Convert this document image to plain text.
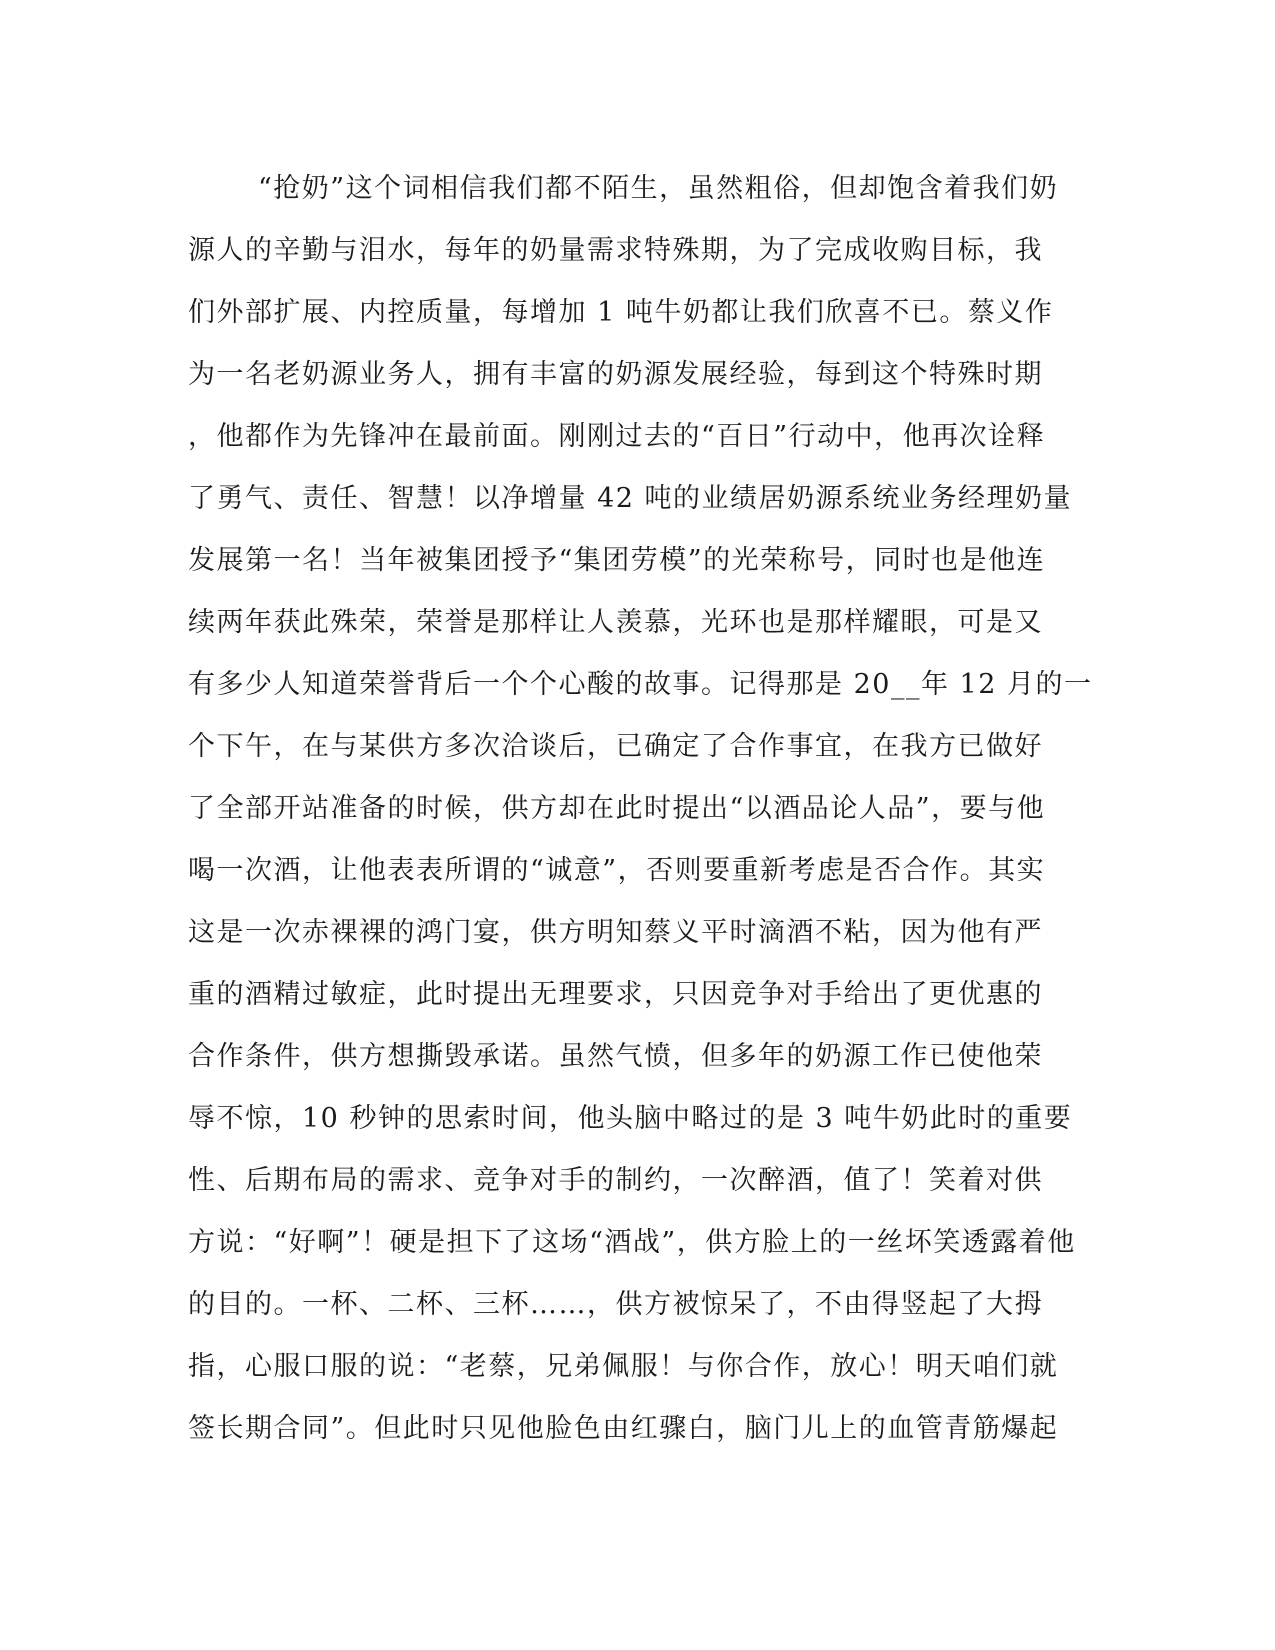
“抢奶”这个词相信我们都不陌生，虽然粗俗，但却饱含着我们奶
源人的辛勤与泪水，每年的奶量需求特殊期，为了完成收购目标，我
们外部扩展、内控质量，每增加 1 吨牛奶都让我们欣喜不已。蔡义作
为一名老奶源业务人，拥有丰富的奶源发展经验，每到这个特殊时期
，他都作为先锋冲在最前面。刚刚过去的“百日”行动中，他再次诠释
了勇气、责任、智慧！以净增量 42 吨的业绩居奶源系统业务经理奶量
发展第一名！当年被集团授予“集团劳模”的光荣称号，同时也是他连
续两年获此殊荣，荣誉是那样让人羡慕，光环也是那样耀眼，可是又
有多少人知道荣誉背后一个个心酸的故事。记得那是 20__年 12 月的一
个下午，在与某供方多次洽谈后，已确定了合作事宜，在我方已做好
了全部开站准备的时候，供方却在此时提出“以酒品论人品”，要与他
喝一次酒，让他表表所谓的“诚意”，否则要重新考虑是否合作。其实
这是一次赤裸裸的鸿门宴，供方明知蔡义平时滴酒不粘，因为他有严
重的酒精过敏症，此时提出无理要求，只因竞争对手给出了更优惠的
合作条件，供方想撕毁承诺。虽然气愤，但多年的奶源工作已使他荣
辱不惊，10 秒钟的思索时间，他头脑中略过的是 3 吨牛奶此时的重要
性、后期布局的需求、竞争对手的制约，一次醉酒，值了！笑着对供
方说：“好啊”！硬是担下了这场“酒战”，供方脸上的一丝坏笑透露着他
的目的。一杯、二杯、三杯……，供方被惊呆了，不由得竖起了大拇
指，心服口服的说：“老蔡，兄弟佩服！与你合作，放心！明天咱们就
签长期合同”。但此时只见他脸色由红骤白，脑门儿上的血管青筋爆起
